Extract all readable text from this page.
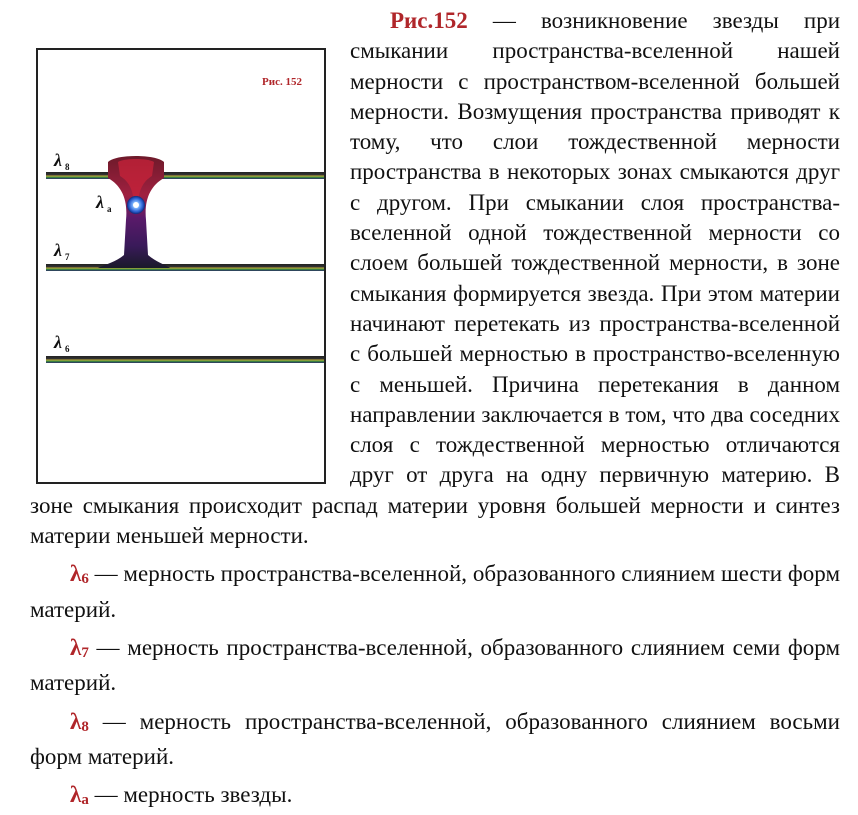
Рис. 152
λ 8
λ a
λ 7
λ 6

Рис.152 — возникновение звезды при смыкании пространства-вселенной нашей мерности с пространством-вселенной большей мерности. Возмущения пространства приводят к тому, что слои тождественной мерности пространства в некоторых зонах смыкаются друг с другом. При смыкании слоя пространства-вселенной одной тождественной мерности со слоем большей тождественной мерности, в зоне смыкания формируется звезда. При этом материи начинают перетекать из пространства-вселенной с большей мерностью в пространство-вселенную с меньшей. Причина перетекания в данном направлении заключается в том, что два соседних слоя с тождественной мерностью отличаются друг от друга на одну первичную материю. В зоне смыкания происходит распад материи уровня большей мерности и синтез материи меньшей мерности.

$\lambda_6$ — мерность пространства-вселенной, образованного слиянием шести форм материй.

$\lambda_7$ — мерность пространства-вселенной, образованного слиянием семи форм материй.

$\lambda_8$ — мерность пространства-вселенной, образованного слиянием восьми форм материй.

$\lambda_a$ — мерность звезды.
